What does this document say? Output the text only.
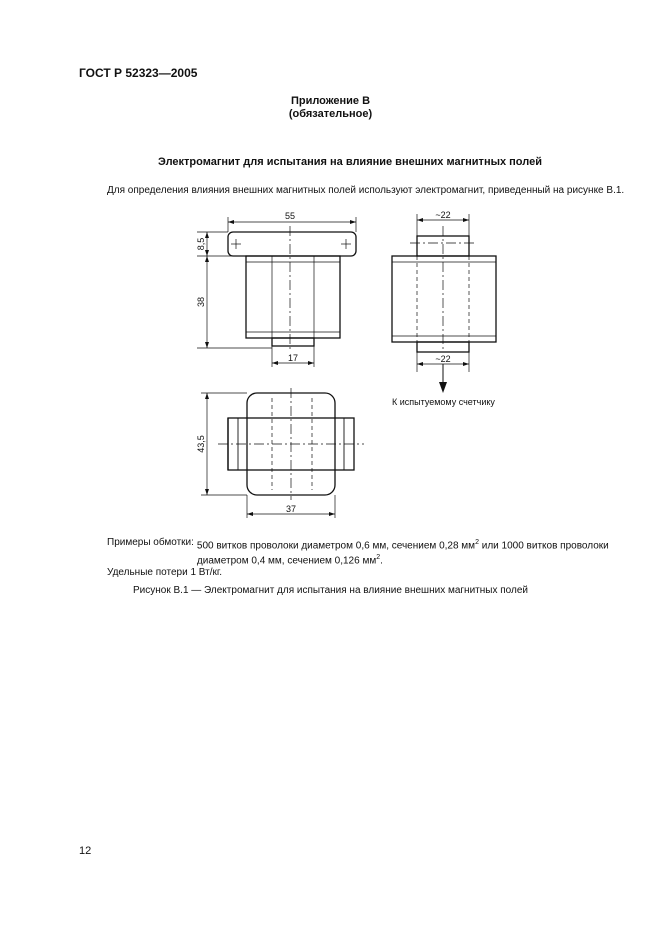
ГОСТ Р 52323—2005
Приложение В
(обязательное)
Электромагнит для испытания на влияние внешних магнитных полей
Для определения влияния внешних магнитных полей используют электромагнит, приведенный на рисунке В.1.
55
8,5
38
17
~22
~22
К испытуемому счетчику
43,5
37
Примеры обмотки: 500 витков проволоки диаметром 0,6 мм, сечением 0,28 $мм^2$ или 1000 витков проволоки диаметром 0,4 мм, сечением 0,126 $мм^2$.
Удельные потери 1 Вт/кг.
Рисунок В.1 — Электромагнит для испытания на влияние внешних магнитных полей
12
